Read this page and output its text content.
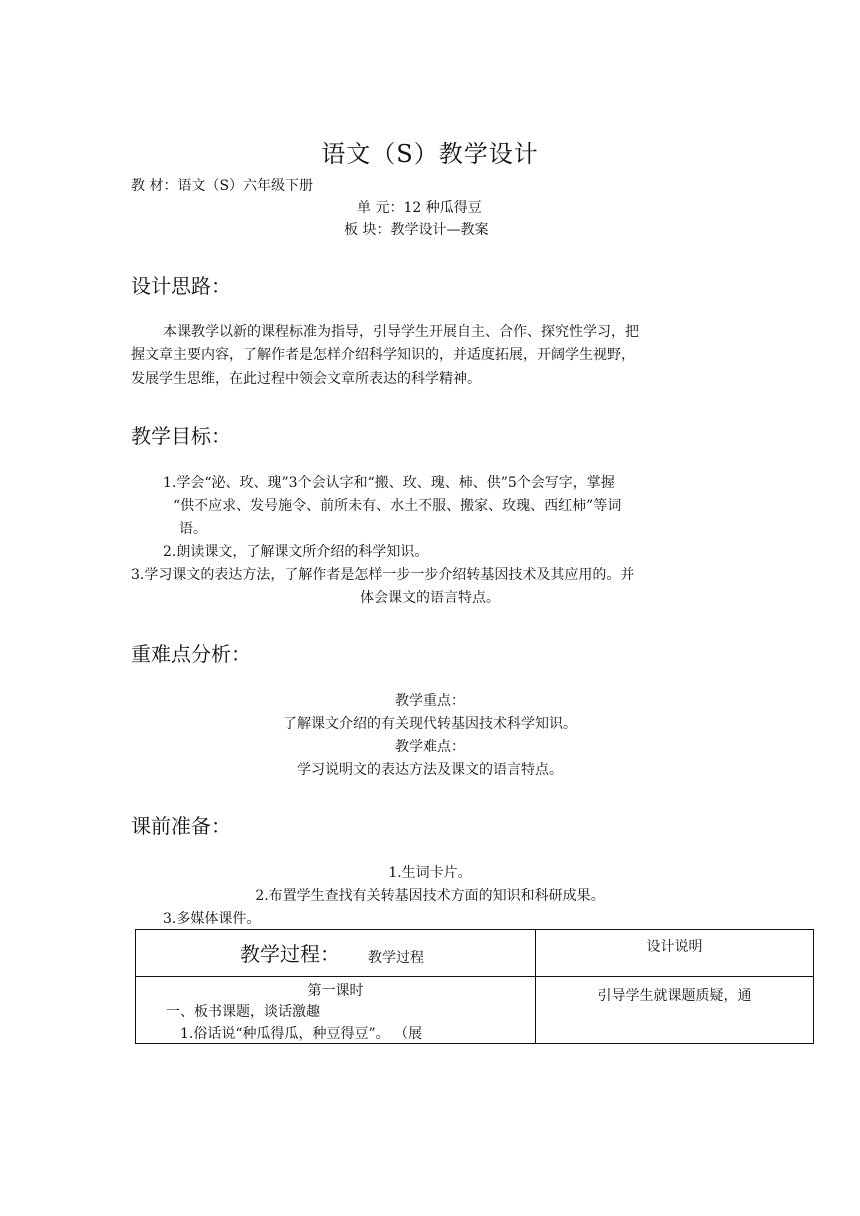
语文（S）教学设计
教 材：语文（S）六年级下册
单 元：12 种瓜得豆
板 块：教学设计—教案
设计思路：
本课教学以新的课程标准为指导，引导学生开展自主、合作、探究性学习，把
握文章主要内容，了解作者是怎样介绍科学知识的，并适度拓展，开阔学生视野，
发展学生思维，在此过程中领会文章所表达的科学精神。
教学目标：
1.学会“泌、玫、瑰”3个会认字和“搬、玫、瑰、柿、供”5个会写字，掌握
“供不应求、发号施令、前所未有、水土不服、搬家、玫瑰、西红柿”等词
语。
2.朗读课文，了解课文所介绍的科学知识。
3.学习课文的表达方法，了解作者是怎样一步一步介绍转基因技术及其应用的。并
体会课文的语言特点。
重难点分析：
教学重点：
了解课文介绍的有关现代转基因技术科学知识。
教学难点：
学习说明文的表达方法及课文的语言特点。
课前准备：
1.生词卡片。
2.布置学生查找有关转基因技术方面的知识和科研成果。
3.多媒体课件。
教学过程： 教学过程	设计说明

第一课时
一、板书课题，谈话激趣
1.俗话说“种瓜得瓜，种豆得豆”。 （展	引导学生就课题质疑，通
